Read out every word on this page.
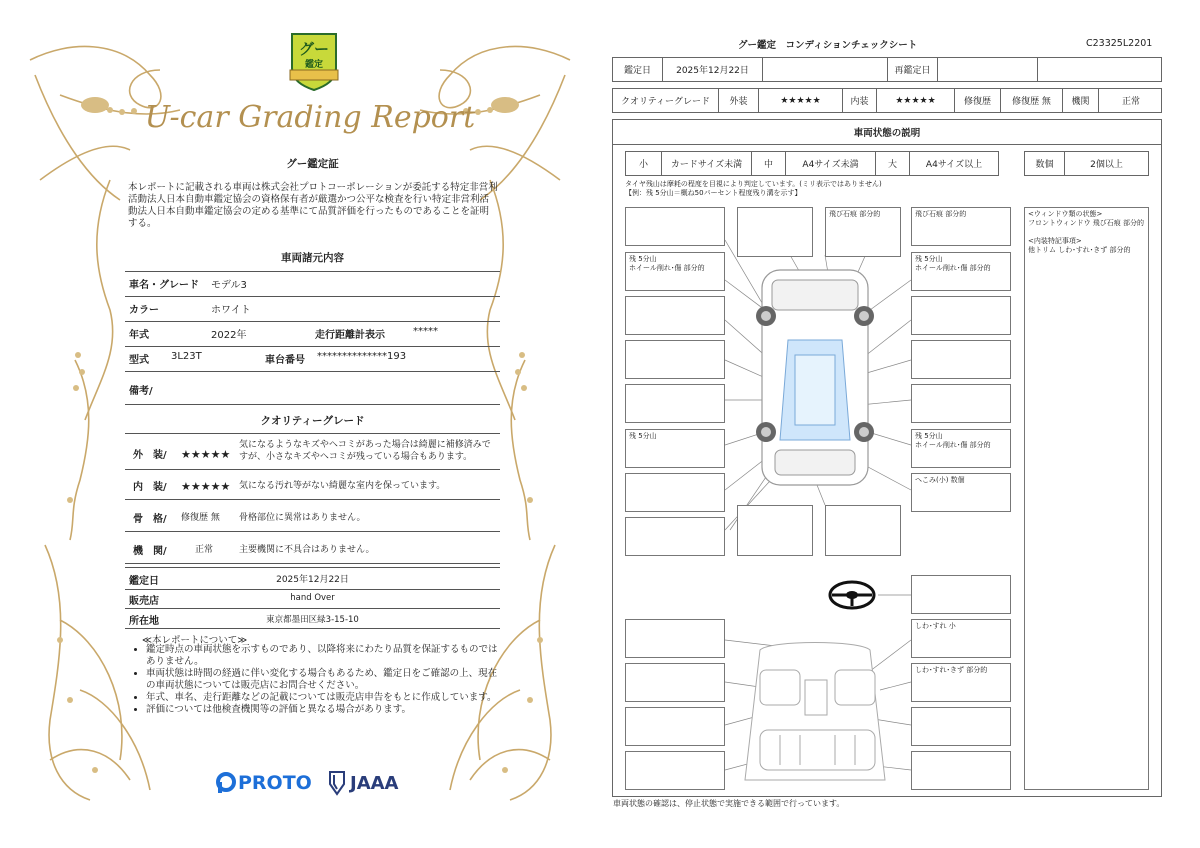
グー
鑑定
U-car Grading Report
グー鑑定証
本レポートに記載される車両は株式会社プロトコーポレーションが委託する特定非営利活動法人日本自動車鑑定協会の資格保有者が厳選かつ公平な検査を行い特定非営利活動法人日本自動車鑑定協会の定める基準にて品質評価を行ったものであることを証明する。
車両諸元内容
車名・グレード モデル3
カラー	ホワイト
年式	2022年	走行距離計表示	*****
型式 3L23T	車台番号 **************193
備考/
クオリティーグレード
外　装/ ★★★★★
気になるようなキズやヘコミがあった場合は綺麗に補修済みですが、小さなキズやヘコミが残っている場合もあります。
内　装/ ★★★★★ 気になる汚れ等がない綺麗な室内を保っています。
骨　格/ 修復歴 無 骨格部位に異常はありません。
機　関/	正常	主要機関に不具合はありません。
鑑定日	2025年12月22日
販売店	hand Over
所在地	東京都墨田区緑3-15-10
≪本レポートについて≫
• 鑑定時点の車両状態を示すものであり、以降将来にわたり品質を保証するものではありません。
• 車両状態は時間の経過に伴い変化する場合もあるため、鑑定日をご確認の上、現在の車両状態については販売店にお問合せください。
• 年式、車名、走行距離などの記載については販売店申告をもとに作成しています。
• 評価については他検査機関等の評価と異なる場合があります。
PROTO JAAA
グー鑑定　コンディションチェックシート	C23325L2201
鑑定日	2025年12月22日	再鑑定日
クオリティーグレード	外装	★★★★★	内装	★★★★★	修復歴	修復歴 無	機関	正常
車両状態の説明
小	カードサイズ未満	中	A4サイズ未満	大	A4サイズ以上	数個	2個以上
タイヤ残山は摩耗の程度を目視により判定しています。(ミリ表示ではありません)
【例：残 5分山＝概ね50パーセント程度残り溝を示す】
飛び石痕 部分的	飛び石痕 部分的
残 5分山
ホイール削れ･傷 部分的
残 5分山
ホイール削れ･傷 部分的
残 5分山	残 5分山
ホイール削れ･傷 部分的
へこみ(小) 数個
しわ･すれ 小
しわ･すれ･きず 部分的
<ウィンドウ類の状態>
フロントウィンドウ 飛び石痕 部分的

<内装特記事項>
他トリム しわ･すれ･きず 部分的
車両状態の確認は、停止状態で実施できる範囲で行っています。
